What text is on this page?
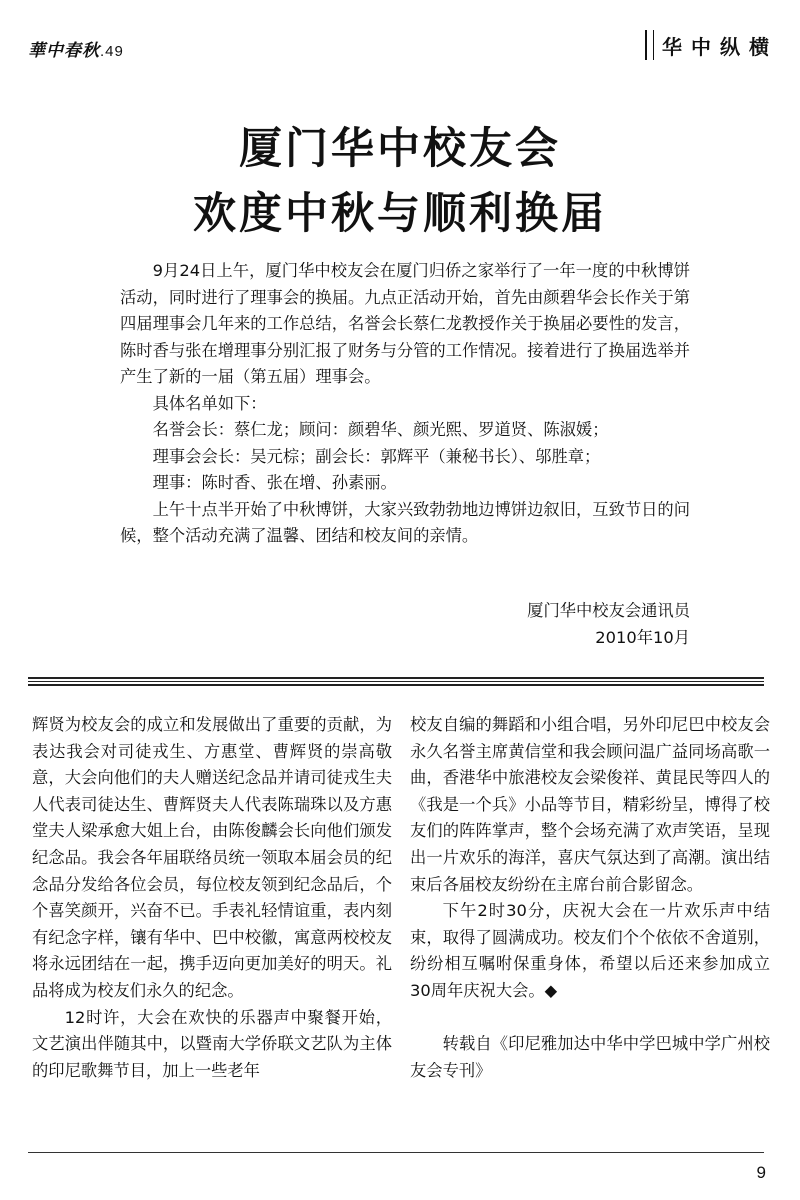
華中春秋.49	华中纵横
厦门华中校友会
欢度中秋与顺利换届

9月24日上午，厦门华中校友会在厦门归侨之家举行了一年一度的中秋博饼活动，同时进行了理事会的换届。九点正活动开始，首先由颜碧华会长作关于第四届理事会几年来的工作总结，名誉会长蔡仁龙教授作关于换届必要性的发言，陈时香与张在增理事分别汇报了财务与分管的工作情况。接着进行了换届选举并产生了新的一届（第五届）理事会。

具体名单如下：

名誉会长：蔡仁龙；顾问：颜碧华、颜光熙、罗道贤、陈淑媛；

理事会会长：吴元棕；副会长：郭辉平（兼秘书长）、邬胜章；

理事：陈时香、张在增、孙素丽。

上午十点半开始了中秋博饼，大家兴致勃勃地边博饼边叙旧，互致节日的问候，整个活动充满了温馨、团结和校友间的亲情。

厦门华中校友会通讯员
2010年10月

辉贤为校友会的成立和发展做出了重要的贡献，为表达我会对司徒戎生、方惠堂、曹辉贤的崇高敬意，大会向他们的夫人赠送纪念品并请司徒戎生夫人代表司徒达生、曹辉贤夫人代表陈瑞珠以及方惠堂夫人梁承愈大姐上台，由陈俊麟会长向他们颁发纪念品。我会各年届联络员统一领取本届会员的纪念品分发给各位会员，每位校友领到纪念品后，个个喜笑颜开，兴奋不已。手表礼轻情谊重，表内刻有纪念字样，镶有华中、巴中校徽，寓意两校校友将永远团结在一起，携手迈向更加美好的明天。礼品将成为校友们永久的纪念。

12时许，大会在欢快的乐器声中聚餐开始，文艺演出伴随其中，以暨南大学侨联文艺队为主体的印尼歌舞节目，加上一些老年

校友自编的舞蹈和小组合唱，另外印尼巴中校友会永久名誉主席黄信堂和我会顾问温广益同场高歌一曲，香港华中旅港校友会梁俊祥、黄昆民等四人的《我是一个兵》小品等节目，精彩纷呈，博得了校友们的阵阵掌声，整个会场充满了欢声笑语，呈现出一片欢乐的海洋，喜庆气氛达到了高潮。演出结束后各届校友纷纷在主席台前合影留念。

下午2时30分，庆祝大会在一片欢乐声中结束，取得了圆满成功。校友们个个依依不舍道别，纷纷相互嘱咐保重身体，希望以后还来参加成立30周年庆祝大会。◆

转载自《印尼雅加达中华中学巴城中学广州校友会专刊》

9
